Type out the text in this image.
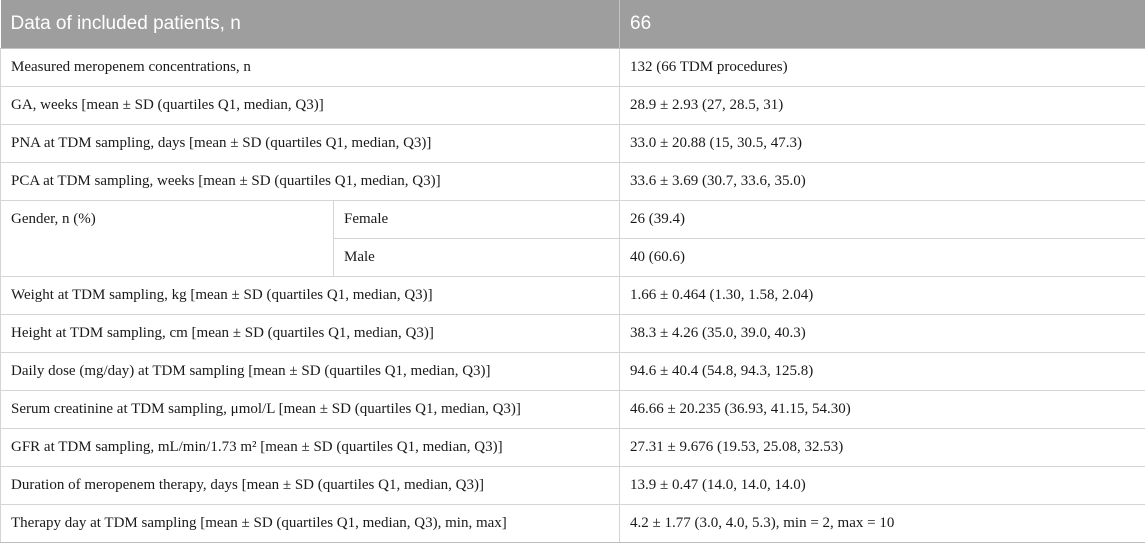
Data of included patients, n		66
Measured meropenem concentrations, n		132 (66 TDM procedures)
GA, weeks [mean ± SD (quartiles Q1, median, Q3)]		28.9 ± 2.93 (27, 28.5, 31)
PNA at TDM sampling, days [mean ± SD (quartiles Q1, median, Q3)]		33.0 ± 20.88 (15, 30.5, 47.3)
PCA at TDM sampling, weeks [mean ± SD (quartiles Q1, median, Q3)]		33.6 ± 3.69 (30.7, 33.6, 35.0)
Gender, n (%)	Female	26 (39.4)
	Male	40 (60.6)
Weight at TDM sampling, kg [mean ± SD (quartiles Q1, median, Q3)]		1.66 ± 0.464 (1.30, 1.58, 2.04)
Height at TDM sampling, cm [mean ± SD (quartiles Q1, median, Q3)]		38.3 ± 4.26 (35.0, 39.0, 40.3)
Daily dose (mg/day) at TDM sampling [mean ± SD (quartiles Q1, median, Q3)]		94.6 ± 40.4 (54.8, 94.3, 125.8)
Serum creatinine at TDM sampling, μmol/L [mean ± SD (quartiles Q1, median, Q3)]		46.66 ± 20.235 (36.93, 41.15, 54.30)
GFR at TDM sampling, mL/min/1.73 m² [mean ± SD (quartiles Q1, median, Q3)]		27.31 ± 9.676 (19.53, 25.08, 32.53)
Duration of meropenem therapy, days [mean ± SD (quartiles Q1, median, Q3)]		13.9 ± 0.47 (14.0, 14.0, 14.0)
Therapy day at TDM sampling [mean ± SD (quartiles Q1, median, Q3), min, max]		4.2 ± 1.77 (3.0, 4.0, 5.3), min = 2, max = 10
